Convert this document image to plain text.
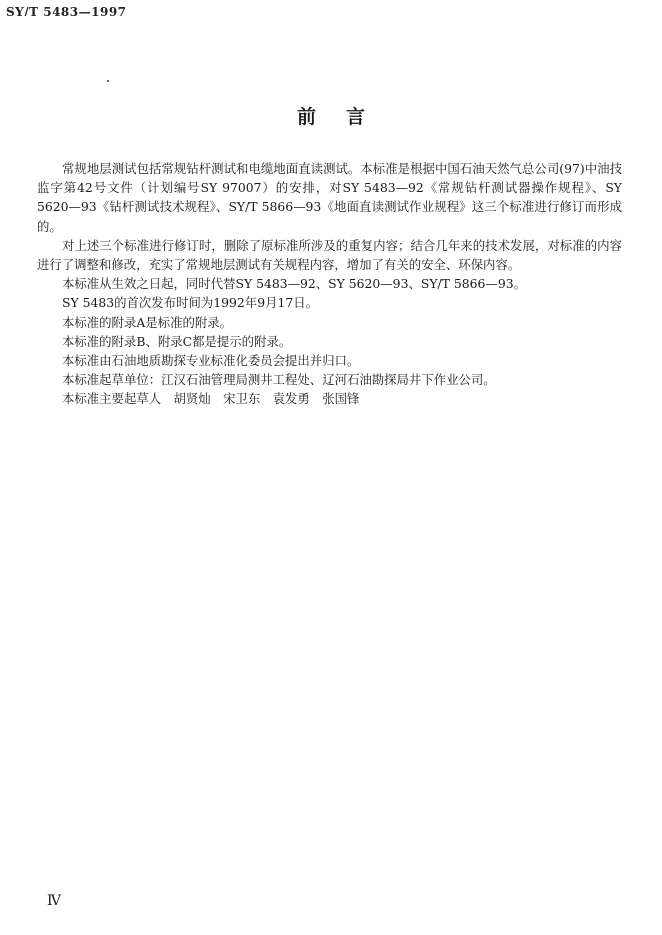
SY/T 5483—1997
前 言

常规地层测试包括常规钻杆测试和电缆地面直读测试。本标准是根据中国石油天然气总公司(97)中油技监字第42号文件（计划编号SY 97007）的安排，对SY 5483—92《常规钻杆测试器操作规程》、SY 5620—93《钻杆测试技术规程》、SY/T 5866—93《地面直读测试作业规程》这三个标准进行修订而形成的。

对上述三个标准进行修订时，删除了原标准所涉及的重复内容；结合几年来的技术发展，对标准的内容进行了调整和修改，充实了常规地层测试有关规程内容，增加了有关的安全、环保内容。

本标准从生效之日起，同时代替SY 5483—92、SY 5620—93、SY/T 5866—93。

SY 5483的首次发布时间为1992年9月17日。

本标准的附录A是标准的附录。

本标准的附录B、附录C都是提示的附录。

本标准由石油地质勘探专业标准化委员会提出并归口。

本标准起草单位：江汉石油管理局测井工程处、辽河石油勘探局井下作业公司。

本标准主要起草人　胡贤灿　宋卫东　袁发勇　张国锋

Ⅳ
